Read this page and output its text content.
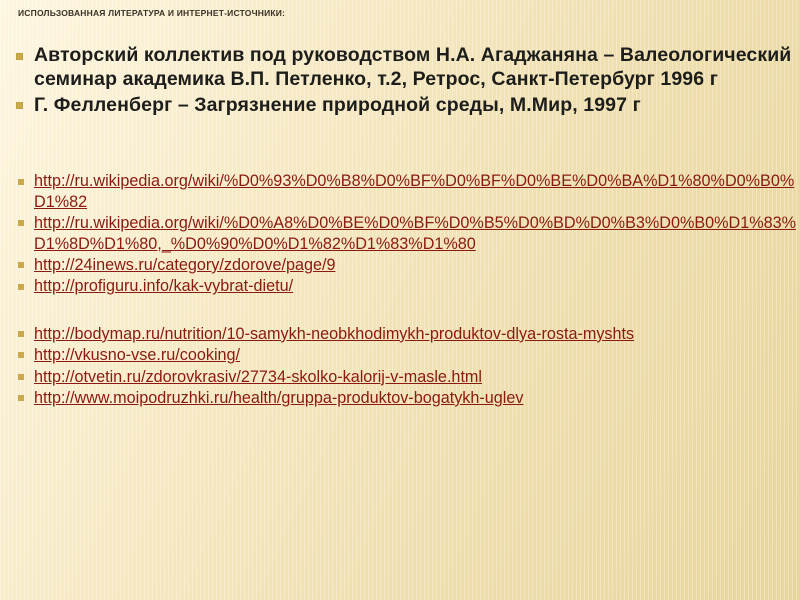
ИСПОЛЬЗОВАННАЯ ЛИТЕРАТУРА И ИНТЕРНЕТ-ИСТОЧНИКИ:
Авторский коллектив под руководством Н.А. Агаджаняна – Валеологический семинар академика В.П. Петленко, т.2, Ретрос, Санкт-Петербург 1996 г
Г. Фелленберг – Загрязнение природной среды, М.Мир, 1997 г
http://ru.wikipedia.org/wiki/%D0%93%D0%B8%D0%BF%D0%BF%D0%BE%D0%BA%D1%80%D0%B0%D1%82
http://ru.wikipedia.org/wiki/%D0%A8%D0%BE%D0%BF%D0%B5%D0%BD%D0%B3%D0%B0%D1%83%D1%8D%D1%80,_%D0%90%D0%D1%82%D1%83%D1%80
http://24inews.ru/category/zdorove/page/9
http://profiguru.info/kak-vybrat-dietu/
http://bodymap.ru/nutrition/10-samykh-neobkhodimykh-produktov-dlya-rosta-myshts
http://vkusno-vse.ru/cooking/
http://otvetin.ru/zdorovkrasiv/27734-skolko-kalorij-v-masle.html
http://www.moipodruzhki.ru/health/gruppa-produktov-bogatykh-uglev
